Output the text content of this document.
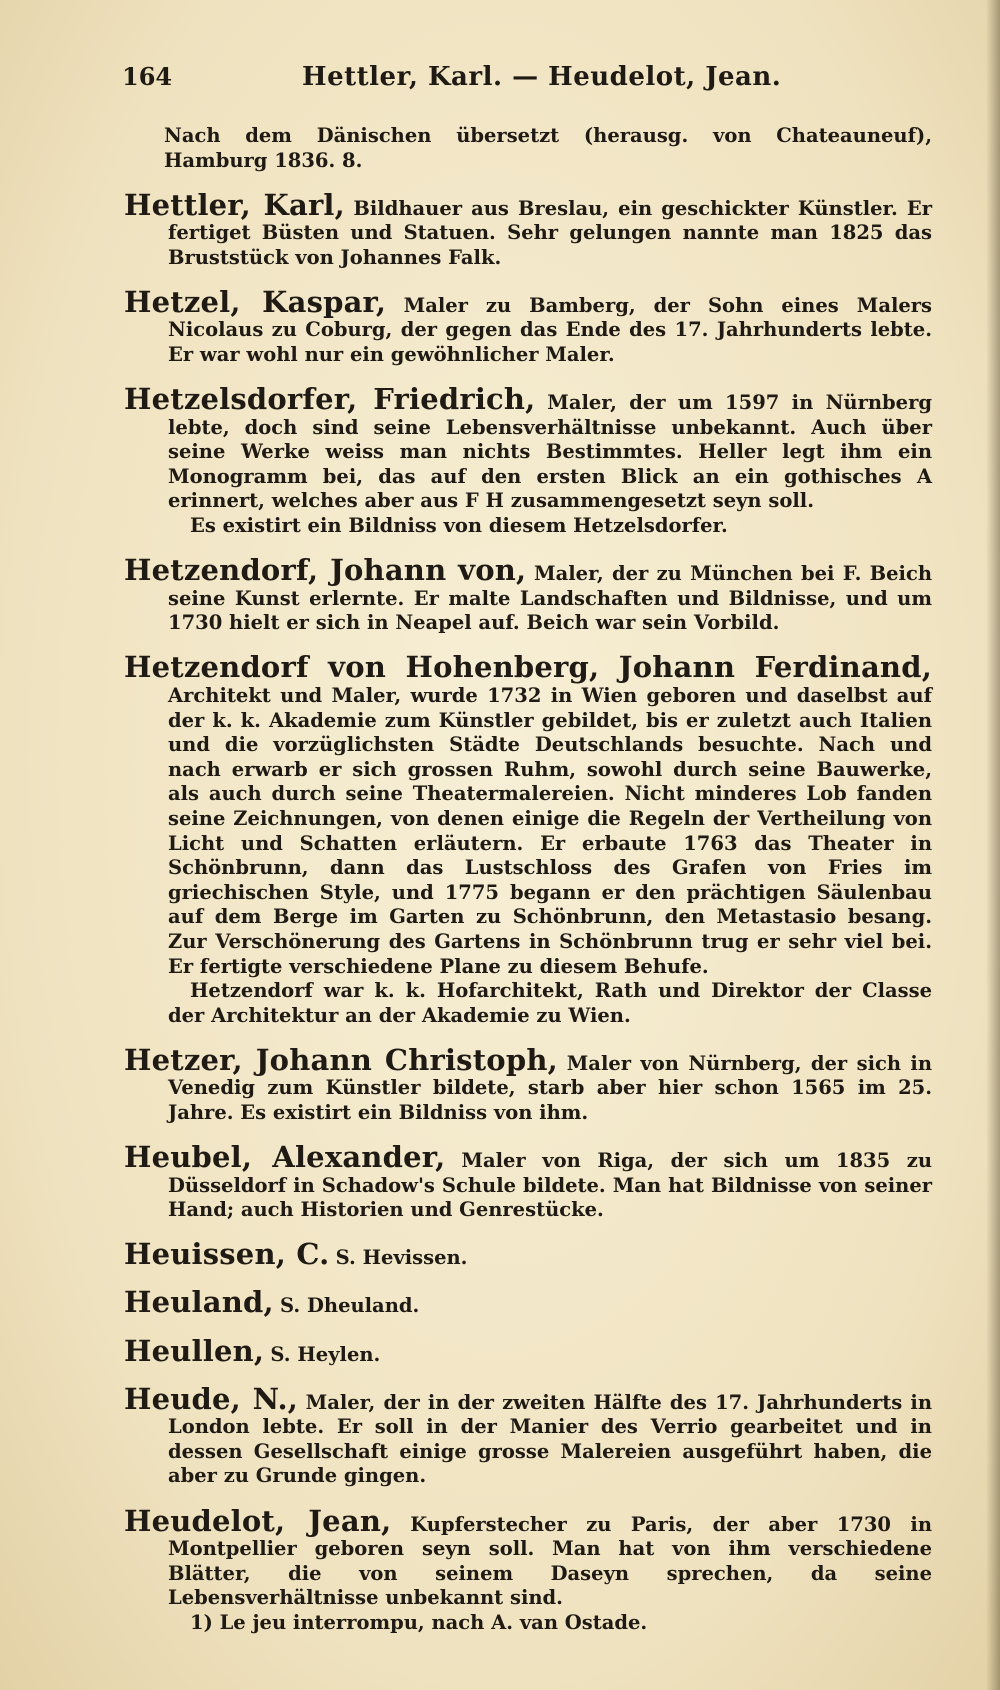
164	Hettler, Karl. — Heudelot, Jean.

Nach dem Dänischen übersetzt (herausg. von Chateauneuf), Hamburg 1836. 8.

Hettler, Karl, Bildhauer aus Breslau, ein geschickter Künstler. Er fertiget Büsten und Statuen. Sehr gelungen nannte man 1825 das Bruststück von Johannes Falk.

Hetzel, Kaspar, Maler zu Bamberg, der Sohn eines Malers Nicolaus zu Coburg, der gegen das Ende des 17. Jahrhunderts lebte. Er war wohl nur ein gewöhnlicher Maler.

Hetzelsdorfer, Friedrich, Maler, der um 1597 in Nürnberg lebte, doch sind seine Lebensverhältnisse unbekannt. Auch über seine Werke weiss man nichts Bestimmtes. Heller legt ihm ein Monogramm bei, das auf den ersten Blick an ein gothisches A erinnert, welches aber aus F H zusammengesetzt seyn soll.
Es existirt ein Bildniss von diesem Hetzelsdorfer.

Hetzendorf, Johann von, Maler, der zu München bei F. Beich seine Kunst erlernte. Er malte Landschaften und Bildnisse, und um 1730 hielt er sich in Neapel auf. Beich war sein Vorbild.

Hetzendorf von Hohenberg, Johann Ferdinand, Architekt und Maler, wurde 1732 in Wien geboren und daselbst auf der k. k. Akademie zum Künstler gebildet, bis er zuletzt auch Italien und die vorzüglichsten Städte Deutschlands besuchte. Nach und nach erwarb er sich grossen Ruhm, sowohl durch seine Bauwerke, als auch durch seine Theatermalereien. Nicht minderes Lob fanden seine Zeichnungen, von denen einige die Regeln der Vertheilung von Licht und Schatten erläutern. Er erbaute 1763 das Theater in Schönbrunn, dann das Lustschloss des Grafen von Fries im griechischen Style, und 1775 begann er den prächtigen Säulenbau auf dem Berge im Garten zu Schönbrunn, den Metastasio besang. Zur Verschönerung des Gartens in Schönbrunn trug er sehr viel bei. Er fertigte verschiedene Plane zu diesem Behufe.
Hetzendorf war k. k. Hofarchitekt, Rath und Direktor der Classe der Architektur an der Akademie zu Wien.

Hetzer, Johann Christoph, Maler von Nürnberg, der sich in Venedig zum Künstler bildete, starb aber hier schon 1565 im 25. Jahre. Es existirt ein Bildniss von ihm.

Heubel, Alexander, Maler von Riga, der sich um 1835 zu Düsseldorf in Schadow's Schule bildete. Man hat Bildnisse von seiner Hand; auch Historien und Genrestücke.

Heuissen, C. S. Hevissen.

Heuland, S. Dheuland.

Heullen, S. Heylen.

Heude, N., Maler, der in der zweiten Hälfte des 17. Jahrhunderts in London lebte. Er soll in der Manier des Verrio gearbeitet und in dessen Gesellschaft einige grosse Malereien ausgeführt haben, die aber zu Grunde gingen.

Heudelot, Jean, Kupferstecher zu Paris, der aber 1730 in Montpellier geboren seyn soll. Man hat von ihm verschiedene Blätter, die von seinem Daseyn sprechen, da seine Lebensverhältnisse unbekannt sind.
1) Le jeu interrompu, nach A. van Ostade.
